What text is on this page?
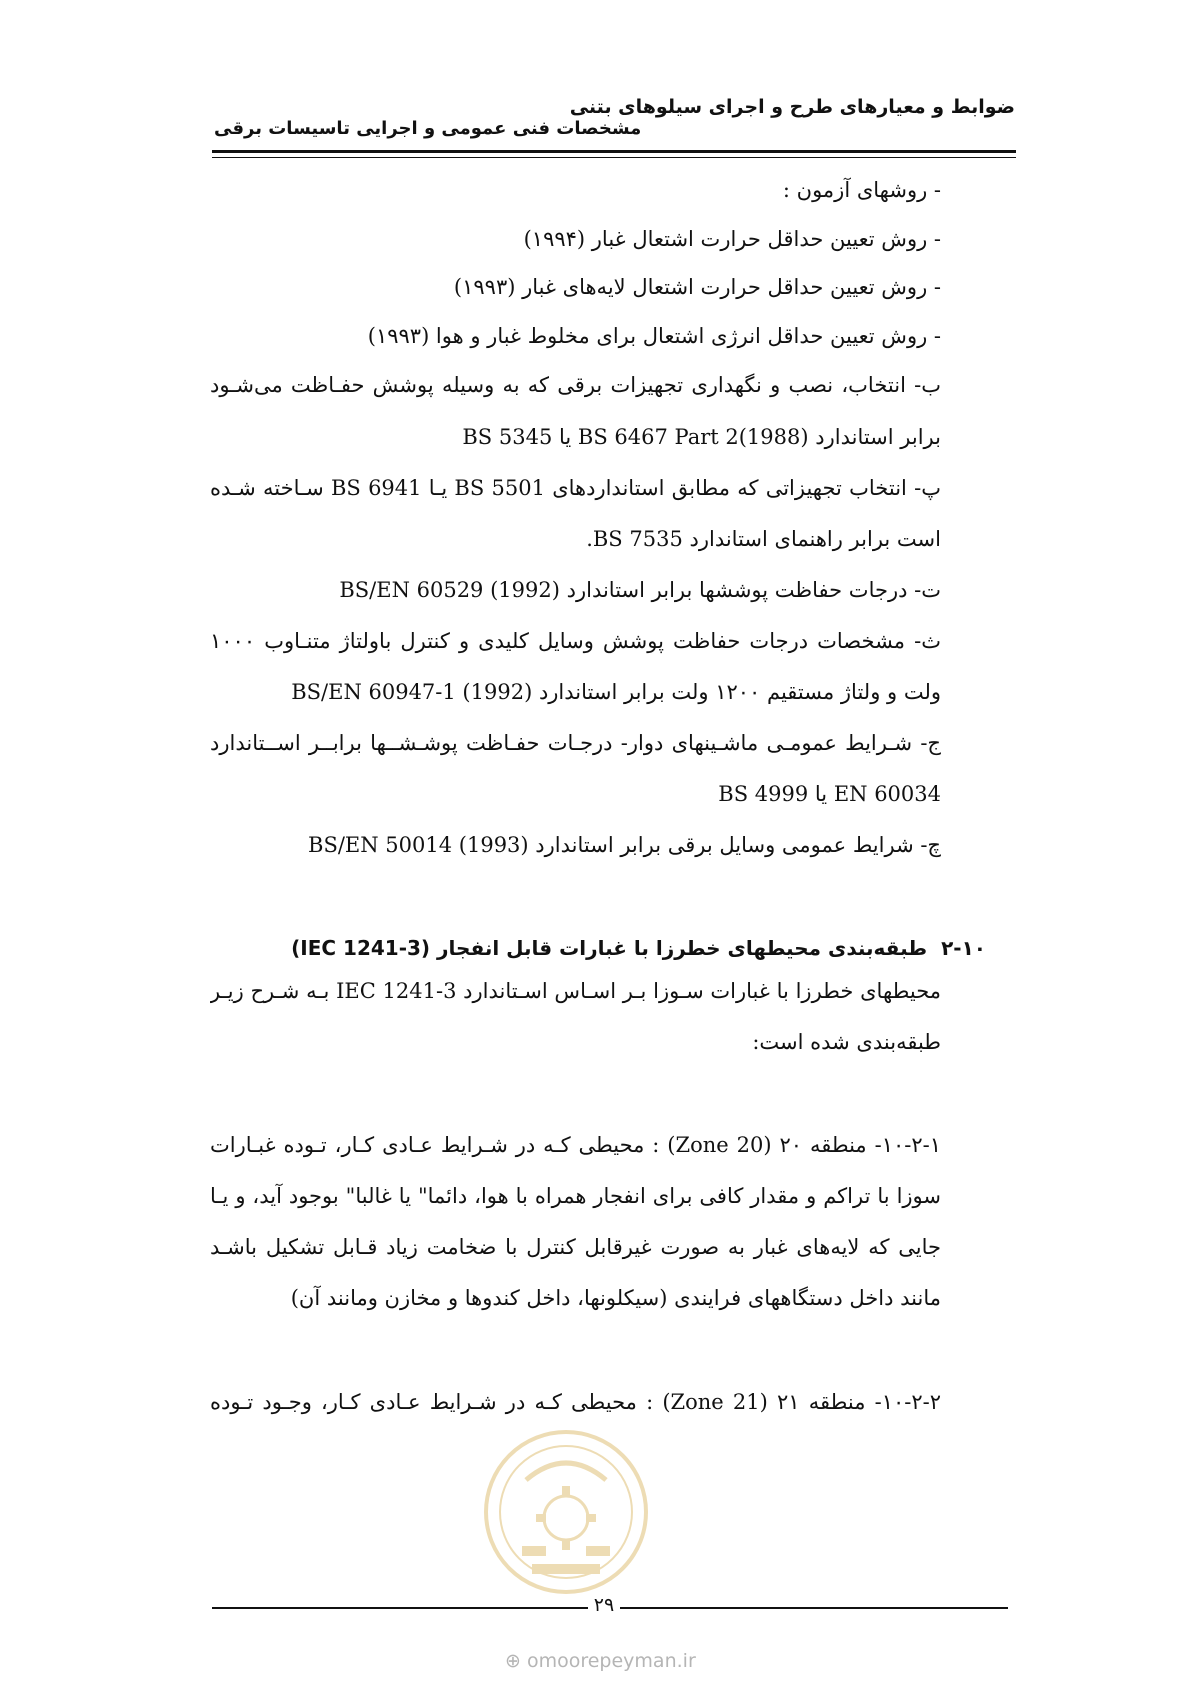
ضوابط و معیارهای طرح و اجرای سیلوهای بتنی
مشخصات فنی عمومی و اجرایی تاسیسات برقی
- روشهای آزمون :
- روش تعیین حداقل حرارت اشتعال غبار (۱۹۹۴)
- روش تعیین حداقل حرارت اشتعال لایه‌های غبار (۱۹۹۳)
- روش تعیین حداقل انرژی اشتعال برای مخلوط غبار و هوا (۱۹۹۳)
ب- انتخاب، نصب و نگهداری تجهیزات برقی که به وسیله پوشش حفـاظت می‌شـود
برابر استاندارد BS 6467 Part 2(1988) یا BS 5345
پ- انتخاب تجهیزاتی که مطابق استانداردهای BS 5501 یـا BS 6941 سـاخته شـده
است برابر راهنمای استاندارد BS 7535.
ت- درجات حفاظت پوششها برابر استاندارد BS/EN 60529 (1992)
ث- مشخصات درجات حفاظت پوشش وسایل کلیدی و کنترل باولتاژ متنـاوب ۱۰۰۰
ولت و ولتاژ مستقیم ۱۲۰۰ ولت برابر استاندارد BS/EN 60947-1 (1992)
ج- شـرایط عمومـی ماشـینهای دوار- درجـات حفـاظت پوشـشــها برابــر اســتاندارد
EN 60034 یا BS 4999
چ- شرایط عمومی وسایل برقی برابر استاندارد BS/EN 50014 (1993)
۲-۱۰طبقه‌بندی محیطهای خطرزا با غبارات قابل انفجار (IEC 1241-3)
محیطهای خطرزا با غبارات سـوزا بـر اسـاس اسـتاندارد IEC 1241-3 بـه شـرح زیـر
طبقه‌بندی شده است:
۱۰-۲-۱- منطقه ۲۰ (Zone 20) : محیطی کـه در شـرایط عـادی کـار، تـوده غبـارات
سوزا با تراکم و مقدار کافی برای انفجار همراه با هوا، دائما" یا غالبا" بوجود آید، و یـا
جایی که لایه‌های غبار به صورت غیرقابل کنترل با ضخامت زیاد قـابل تشکیل باشـد
مانند داخل دستگاههای فرایندی (سیکلونها، داخل کندوها و مخازن ومانند آن)
۱۰-۲-۲- منطقه ۲۱ (Zone 21) : محیطی کـه در شـرایط عـادی کـار، وجـود تـوده
۲۹
⊕ omoorepeyman.ir
